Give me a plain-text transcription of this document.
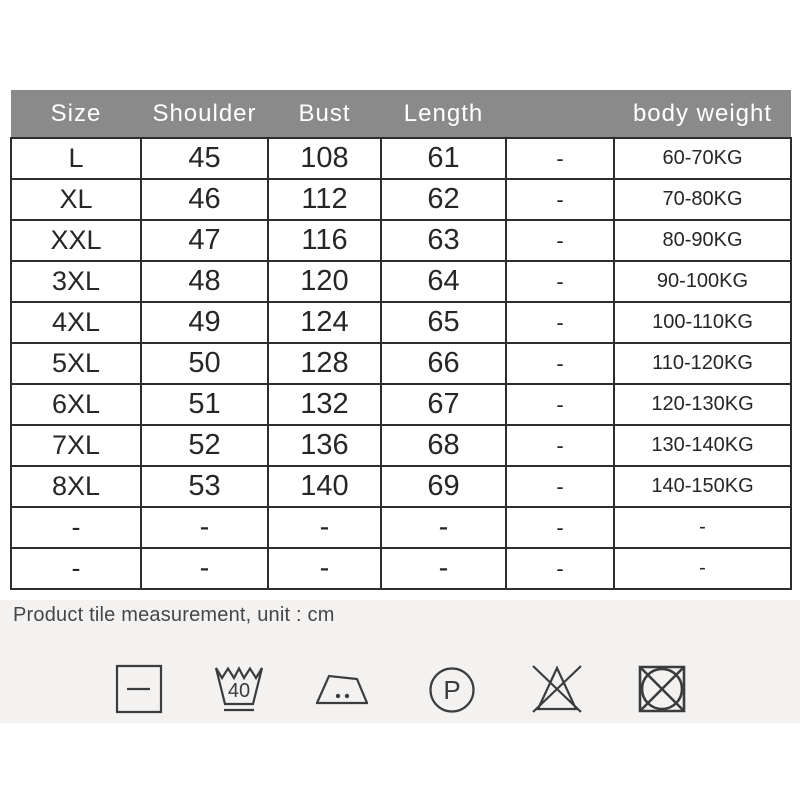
Size	Shoulder	Bust	Length		body weight
L	45	108	61	-	60-70KG
XL	46	112	62	-	70-80KG
XXL	47	116	63	-	80-90KG
3XL	48	120	64	-	90-100KG
4XL	49	124	65	-	100-110KG
5XL	50	128	66	-	110-120KG
6XL	51	132	67	-	120-130KG
7XL	52	136	68	-	130-140KG
8XL	53	140	69	-	140-150KG
-	-	-	-	-	-
-	-	-	-	-	-
Product tile measurement, unit : cm
40	P
